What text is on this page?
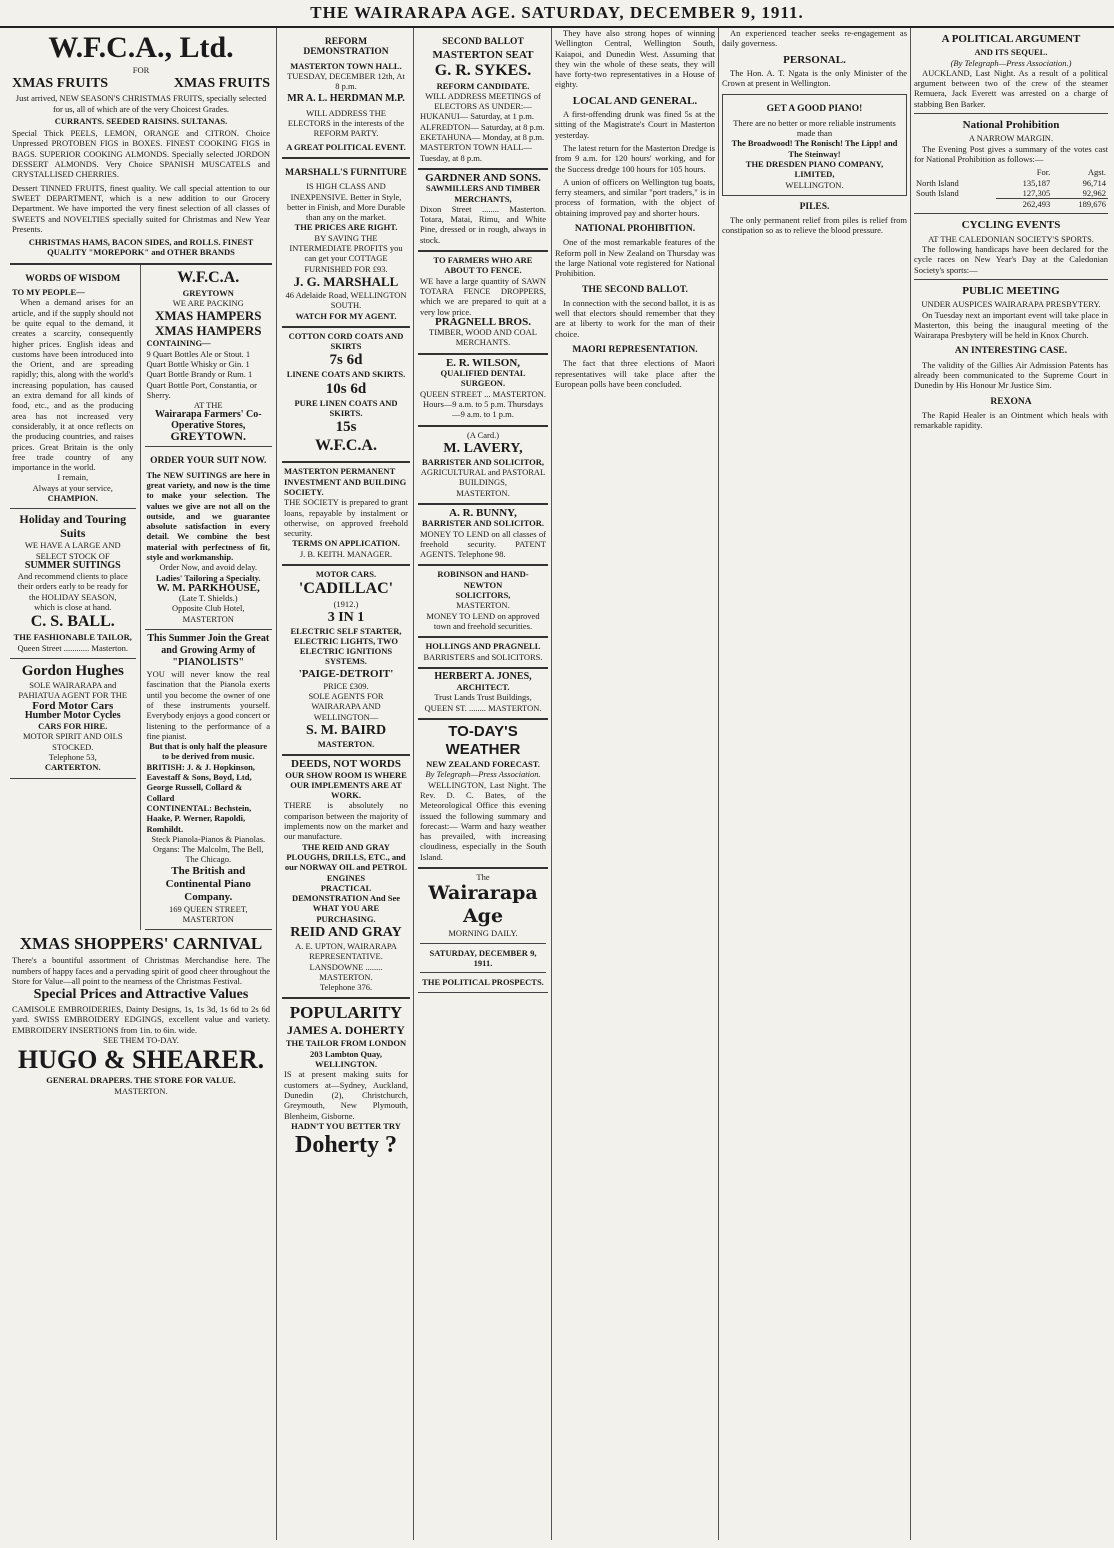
THE WAIRARAPA AGE. SATURDAY, DECEMBER 9, 1911.
W.F.C.A., Ltd.
FOR
XMAS FRUITS	XMAS FRUITS
Just arrived, NEW SEASON'S CHRISTMAS FRUITS, specially selected for us, all of which are of the very Choicest Grades.
CURRANTS. SEEDED RAISINS. SULTANAS.
Special Thick PEELS, LEMON, ORANGE and CITRON. Choice Unpressed PROTOBEN FIGS in BOXES. FINEST COOKING FIGS in BAGS. SUPERIOR COOKING ALMONDS. Specially selected JORDON DESSERT ALMONDS. Very Choice SPANISH MUSCATELS and CRYSTALLISED CHERRIES.
Dessert TINNED FRUITS, finest quality. We call special attention to our SWEET DEPARTMENT, which is a new addition to our Grocery Department. We have imported the very finest selection of all classes of SWEETS and NOVELTIES specially suited for Christmas and New Year Presents.
CHRISTMAS HAMS, BACON SIDES, and ROLLS. FINEST QUALITY "MOREPORK" and OTHER BRANDS
WORDS OF WISDOM
TO MY PEOPLE—
When a demand arises for an article, and if the supply should not be quite equal to the demand, it creates a scarcity, consequently higher prices. English ideas and customs have been introduced into the Orient, and are spreading rapidly; this, along with the world's increasing population, has caused an extra demand for all kinds of food, etc., and as the producing area has not increased very considerably, it at once reflects on the producing countries, and raises prices. Great Britain is the only free trade country of any importance in the world.
I remain,
Always at your service,
CHAMPION.
Holiday and Touring Suits
WE HAVE A LARGE AND SELECT STOCK OF
SUMMER SUITINGS
And recommend clients to place their orders early to be ready for the HOLIDAY SEASON,
which is close at hand.
C. S. BALL.
THE FASHIONABLE TAILOR,
Queen Street ............ Masterton.
Gordon Hughes
SOLE WAIRARAPA and PAHIATUA AGENT FOR THE
Ford Motor Cars
Humber Motor Cycles
CARS FOR HIRE.
MOTOR SPIRIT AND OILS STOCKED.
Telephone 53,
CARTERTON.
W.F.C.A.
GREYTOWN
WE ARE PACKING
XMAS HAMPERS
XMAS HAMPERS
CONTAINING—
9 Quart Bottles Ale or Stout. 1 Quart Bottle Whisky or Gin. 1 Quart Bottle Brandy or Rum. 1 Quart Bottle Port, Constantia, or Sherry.
AT THE
Wairarapa Farmers' Co-Operative Stores,
GREYTOWN.
ORDER YOUR SUIT NOW.
The NEW SUITINGS are here in great variety, and now is the time to make your selection. The values we give are not all on the outside, and we guarantee absolute satisfaction in every detail. We combine the best material with perfectness of fit, style and workmanship.
Order Now, and avoid delay.
Ladies' Tailoring a Specialty.
W. M. PARKHOUSE,
(Late T. Shields.)
Opposite Club Hotel, MASTERTON
This Summer Join the Great and Growing Army of "PIANOLISTS"
YOU will never know the real fascination that the Pianola exerts until you become the owner of one of these instruments yourself. Everybody enjoys a good concert or listening to the performance of a fine pianist.
But that is only half the pleasure to be derived from music.
BRITISH: J. & J. Hopkinson, Eavestaff & Sons, Boyd, Ltd, George Russell, Collard & Collard
CONTINENTAL: Bechstein, Haake, P. Werner, Rapoldi, Romhildt.
Steck Pianola-Pianos & Pianolas.
Organs: The Malcolm, The Bell, The Chicago.
The British and Continental Piano Company.
169 QUEEN STREET, MASTERTON
XMAS SHOPPERS' CARNIVAL
There's a bountiful assortment of Christmas Merchandise here. The numbers of happy faces and a pervading spirit of good cheer throughout the Store for Value—all point to the nearness of the Christmas Festival.
Special Prices and Attractive Values
CAMISOLE EMBROIDERIES, Dainty Designs, 1s, 1s 3d, 1s 6d to 2s 6d yard. SWISS EMBROIDERY EDGINGS, excellent value and variety. EMBROIDERY INSERTIONS from 1in. to 6in. wide.
SEE THEM TO-DAY.
HUGO & SHEARER.
GENERAL DRAPERS. THE STORE FOR VALUE.
MASTERTON.
REFORM DEMONSTRATION
MASTERTON TOWN HALL.
TUESDAY, DECEMBER 12th, At 8 p.m.
MR A. L. HERDMAN M.P.
WILL ADDRESS THE ELECTORS in the interests of the REFORM PARTY.
A GREAT POLITICAL EVENT.
MARSHALL'S FURNITURE
IS HIGH CLASS AND INEXPENSIVE. Better in Style, better in Finish, and More Durable than any on the market.
THE PRICES ARE RIGHT.
BY SAVING THE INTERMEDIATE PROFITS you can get your COTTAGE FURNISHED FOR £93.
J. G. MARSHALL
46 Adelaide Road, WELLINGTON SOUTH.
WATCH FOR MY AGENT.
COTTON CORD COATS AND SKIRTS
7s 6d
LINENE COATS AND SKIRTS.
10s 6d
PURE LINEN COATS AND SKIRTS.
15s
W.F.C.A.
MASTERTON PERMANENT INVESTMENT AND BUILDING SOCIETY.
THE SOCIETY is prepared to grant loans, repayable by instalment or otherwise, on approved freehold security.
TERMS ON APPLICATION.
J. B. KEITH. MANAGER.
MOTOR CARS.
'CADILLAC'
(1912.)
3 IN 1
ELECTRIC SELF STARTER, ELECTRIC LIGHTS, TWO ELECTRIC IGNITIONS SYSTEMS.
'PAIGE-DETROIT'
PRICE £309.
SOLE AGENTS FOR WAIRARAPA AND WELLINGTON—
S. M. BAIRD
MASTERTON.
DEEDS, NOT WORDS
OUR SHOW ROOM IS WHERE OUR IMPLEMENTS ARE AT WORK.
THERE is absolutely no comparison between the majority of implements now on the market and our manufacture.
THE REID AND GRAY PLOUGHS, DRILLS, ETC., and our NORWAY OIL and PETROL ENGINES
PRACTICAL DEMONSTRATION And See WHAT YOU ARE PURCHASING.
REID AND GRAY
A. E. UPTON, WAIRARAPA REPRESENTATIVE.
LANSDOWNE ........ MASTERTON.
Telephone 376.
POPULARITY
JAMES A. DOHERTY
THE TAILOR FROM LONDON
203 Lambton Quay, WELLINGTON.
IS at present making suits for customers at—Sydney, Auckland, Dunedin (2), Christchurch, Greymouth, New Plymouth, Blenheim, Gisborne.
HADN'T YOU BETTER TRY
Doherty ?
SECOND BALLOT
MASTERTON SEAT
G. R. SYKES.
REFORM CANDIDATE.
WILL ADDRESS MEETINGS of ELECTORS AS UNDER:—
HUKANUI— Saturday, at 1 p.m.
ALFREDTON— Saturday, at 8 p.m.
EKETAHUNA— Monday, at 8 p.m.
MASTERTON TOWN HALL— Tuesday, at 8 p.m.
GARDNER AND SONS.
SAWMILLERS AND TIMBER MERCHANTS,
Dixon Street ........ Masterton. Totara, Matai, Rimu, and White Pine, dressed or in rough, always in stock.
TO FARMERS WHO ARE ABOUT TO FENCE.
WE have a large quantity of SAWN TOTARA FENCE DROPPERS, which we are prepared to quit at a very low price.
PRAGNELL BROS.
TIMBER, WOOD AND COAL MERCHANTS.
E. R. WILSON,
QUALIFIED DENTAL SURGEON.
QUEEN STREET ... MASTERTON.
Hours—9 a.m. to 5 p.m. Thursdays—9 a.m. to 1 p.m.
(A Card.)
M. LAVERY,
BARRISTER AND SOLICITOR,
AGRICULTURAL and PASTORAL BUILDINGS,
MASTERTON.
A. R. BUNNY,
BARRISTER AND SOLICITOR.
MONEY TO LEND on all classes of freehold security. PATENT AGENTS. Telephone 98.
ROBINSON and HAND-NEWTON
SOLICITORS,
MASTERTON.
MONEY TO LEND on approved town and freehold securities.
HOLLINGS AND PRAGNELL
BARRISTERS and SOLICITORS.
HERBERT A. JONES,
ARCHITECT.
Trust Lands Trust Buildings,
QUEEN ST. ........ MASTERTON.
TO-DAY'S WEATHER
NEW ZEALAND FORECAST.
By Telegraph—Press Association.
WELLINGTON, Last Night. The Rev. D. C. Bates, of the Meteorological Office this evening issued the following summary and forecast:— Warm and hazy weather has prevailed, with increasing cloudiness, especially in the South Island.
The
Wairarapa Age
MORNING DAILY.
SATURDAY, DECEMBER 9, 1911.
THE POLITICAL PROSPECTS.

They have also strong hopes of winning Wellington Central, Wellington South, Kaiapoi, and Dunedin West. Assuming that they win the whole of these seats, they will have forty-two representatives in a House of eighty.

LOCAL AND GENERAL.

A first-offending drunk was fined 5s at the sitting of the Magistrate's Court in Masterton yesterday.

The latest return for the Masterton Dredge is from 9 a.m. for 120 hours' working, and for the Success dredge 100 hours for 105 hours.

A union of officers on Wellington tug boats, ferry steamers, and similar "port traders," is in process of formation, with the object of obtaining improved pay and shorter hours.

NATIONAL PROHIBITION.

One of the most remarkable features of the Reform poll in New Zealand on Thursday was the large National vote registered for National Prohibition.

THE SECOND BALLOT.

In connection with the second ballot, it is as well that electors should remember that they are at liberty to work for the man of their choice.

MAORI REPRESENTATION.

The fact that three elections of Maori representatives will take place after the European polls have been concluded.

An experienced teacher seeks re-engagement as daily governess.

PERSONAL.

The Hon. A. T. Ngata is the only Minister of the Crown at present in Wellington.

GET A GOOD PIANO!
There are no better or more reliable instruments made than
The Broadwood! The Ronisch! The Lipp! and The Steinway!
THE DRESDEN PIANO COMPANY, LIMITED,
WELLINGTON.
PILES.

The only permanent relief from piles is relief from constipation so as to relieve the blood pressure.

A POLITICAL ARGUMENT
AND ITS SEQUEL.
(By Telegraph—Press Association.)

AUCKLAND, Last Night. As a result of a political argument between two of the crew of the steamer Remuera, Jack Everett was arrested on a charge of stabbing Ben Barker.

National Prohibition
A NARROW MARGIN.

The Evening Post gives a summary of the votes cast for National Prohibition as follows:—

	For.	Agst.
North Island	135,187	96,714
South Island	127,305	92,962
	262,493	189,676
CYCLING EVENTS
AT THE CALEDONIAN SOCIETY'S SPORTS.

The following handicaps have been declared for the cycle races on New Year's Day at the Caledonian Society's sports:—

PUBLIC MEETING
UNDER AUSPICES WAIRARAPA PRESBYTERY.

On Tuesday next an important event will take place in Masterton, this being the inaugural meeting of the Wairarapa Presbytery will be held in Knox Church.

AN INTERESTING CASE.

The validity of the Gillies Air Admission Patents has already been communicated to the Supreme Court in Dunedin by His Honour Mr Justice Sim.

REXONA

The Rapid Healer is an Ointment which heals with remarkable rapidity.
